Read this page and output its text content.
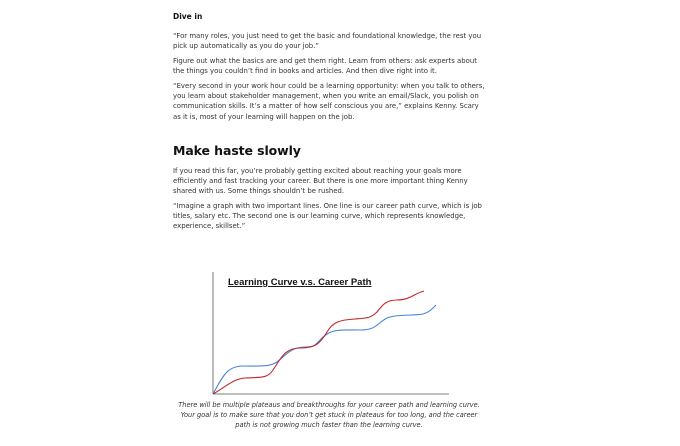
Dive in

“For many roles, you just need to get the basic and foundational knowledge, the rest you pick up automatically as you do your job.”

Figure out what the basics are and get them right. Learn from others: ask experts about the things you couldn’t find in books and articles. And then dive right into it.

“Every second in your work hour could be a learning opportunity: when you talk to others, you learn about stakeholder management, when you write an email/Slack, you polish on communication skills. It’s a matter of how self conscious you are,” explains Kenny. Scary as it is, most of your learning will happen on the job.

Make haste slowly

If you read this far, you’re probably getting excited about reaching your goals more efficiently and fast tracking your career. But there is one more important thing Kenny shared with us. Some things shouldn’t be rushed.

“Imagine a graph with two important lines. One line is our career path curve, which is job titles, salary etc. The second one is our learning curve, which represents knowledge, experience, skillset.”

Learning Curve v.s. Career Path

There will be multiple plateaus and breakthroughs for your career path and learning curve. Your goal is to make sure that you don’t get stuck in plateaus for too long, and the career path is not growing much faster than the learning curve.
